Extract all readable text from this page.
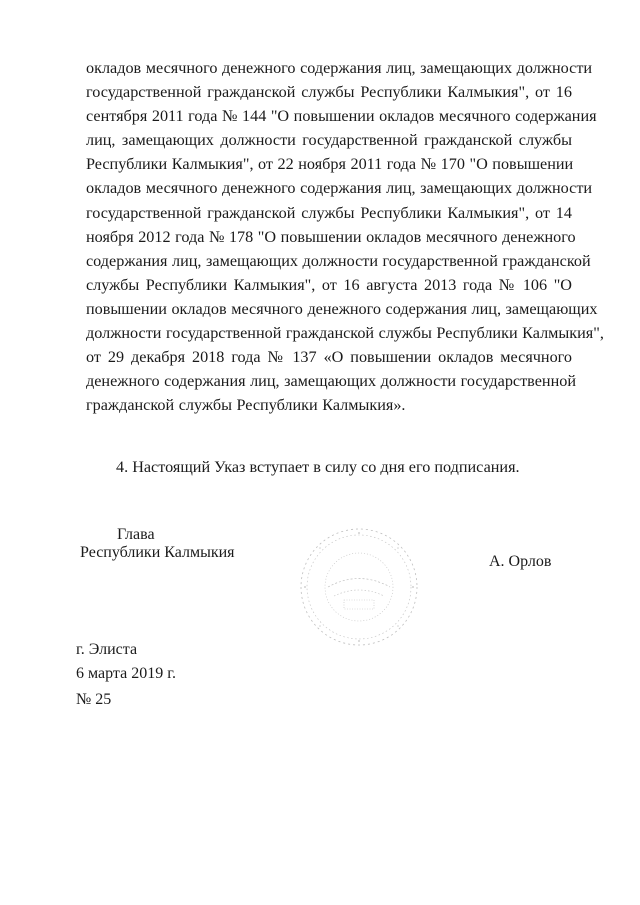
окладов месячного денежного содержания лиц, замещающих должности
государственной гражданской службы Республики Калмыкия", от 16
сентября 2011 года № 144 "О повышении окладов месячного содержания
лиц, замещающих должности государственной гражданской службы
Республики Калмыкия", от 22 ноября 2011 года № 170 "О повышении
окладов месячного денежного содержания лиц, замещающих должности
государственной гражданской службы Республики Калмыкия", от 14
ноября 2012 года № 178 "О повышении окладов месячного денежного
содержания лиц, замещающих должности государственной гражданской
службы Республики Калмыкия", от 16 августа 2013 года № 106 "О
повышении окладов месячного денежного содержания лиц, замещающих
должности государственной гражданской службы Республики Калмыкия",
от 29 декабря 2018 года № 137 «О повышении окладов месячного
денежного содержания лиц, замещающих должности государственной
гражданской службы Республики Калмыкия».

4. Настоящий Указ вступает в силу со дня его подписания.

Глава
Республики Калмыкия
А. Орлов
г. Элиста
6 марта 2019 г.
№ 25
